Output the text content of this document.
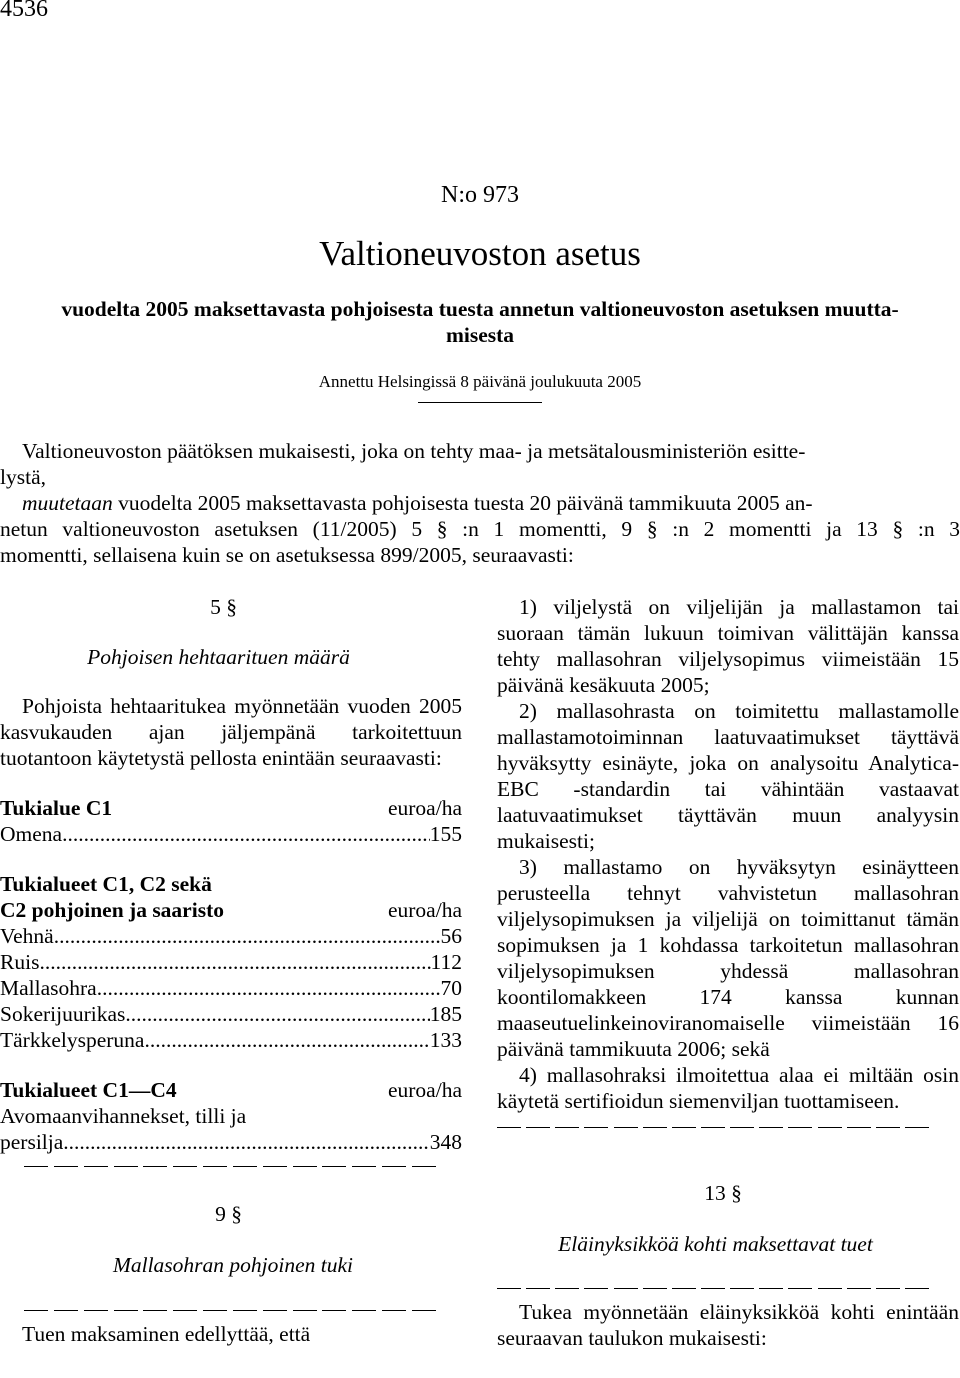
4536
N:o 973
Valtioneuvoston asetus
vuodelta 2005 maksettavasta pohjoisesta tuesta annetun valtioneuvoston asetuksen muutta-
misesta
Annettu Helsingissä 8 päivänä joulukuuta 2005
Valtioneuvoston päätöksen mukaisesti, joka on tehty maa- ja metsätalousministeriön esitte-
lystä,
muutetaan vuodelta 2005 maksettavasta pohjoisesta tuesta 20 päivänä tammikuuta 2005 an-
netun valtioneuvoston asetuksen (11/2005) 5 § :n 1 momentti, 9 § :n 2 momentti ja 13 § :n 3
momentti, sellaisena kuin se on asetuksessa 899/2005, seuraavasti:
5 §
Pohjoisen hehtaarituen määrä
Pohjoista hehtaaritukea myönnetään vuoden 2005 kasvukauden ajan jäljempänä tarkoitettuun tuotantoon käytetystä pellosta enintään seuraavasti:
Tukialue C1	euroa/ha
Omena .....	155
Tukialueet C1, C2 sekä
C2 pohjoinen ja saaristo	euroa/ha
Vehnä .....	56
Ruis .....	112
Mallasohra .....	70
Sokerijuurikas .....	185
Tärkkelysperuna .....	133
Tukialueet C1—C4	euroa/ha
Avomaanvihannekset, tilli ja
persilja .....	348
9 §
Mallasohran pohjoinen tuki
Tuen maksaminen edellyttää, että
1) viljelystä on viljelijän ja mallastamon tai suoraan tämän lukuun toimivan välittäjän kanssa tehty mallasohran viljelysopimus viimeistään 15 päivänä kesäkuuta 2005;
2) mallasohrasta on toimitettu mallastamolle mallastamotoiminnan laatuvaatimukset täyttävä hyväksytty esinäyte, joka on analysoitu Analytica-EBC -standardin tai vähintään vastaavat laatuvaatimukset täyttävän muun analyysin mukaisesti;
3) mallastamo on hyväksytyn esinäytteen perusteella tehnyt vahvistetun mallasohran viljelysopimuksen ja viljelijä on toimittanut tämän sopimuksen ja 1 kohdassa tarkoitetun mallasohran viljelysopimuksen yhdessä mallasohran koontilomakkeen 174 kanssa kunnan maaseutuelinkeinoviranomaiselle viimeistään 16 päivänä tammikuuta 2006; sekä
4) mallasohraksi ilmoitettua alaa ei miltään osin käytetä sertifioidun siemenviljan tuottamiseen.
13 §
Eläinyksikköä kohti maksettavat tuet
Tukea myönnetään eläinyksikköä kohti enintään seuraavan taulukon mukaisesti:
